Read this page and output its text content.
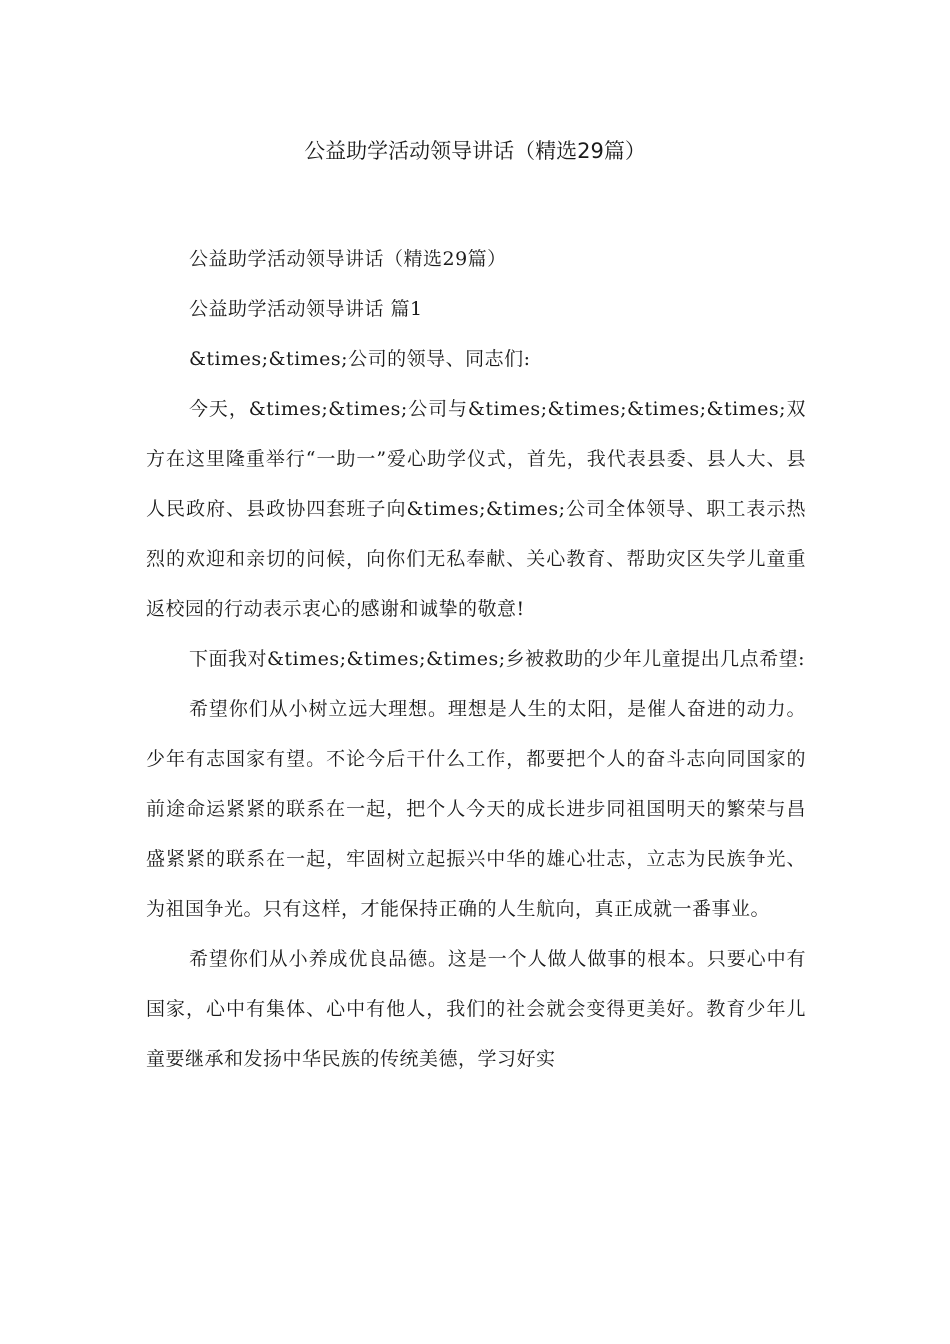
公益助学活动领导讲话（精选29篇）

公益助学活动领导讲话（精选29篇）

公益助学活动领导讲话 篇1

&times;&times;公司的领导、同志们:

今天，&times;&times;公司与&times;&times;&times;&times;双方在这里隆重举行“一助一”爱心助学仪式，首先，我代表县委、县人大、县人民政府、县政协四套班子向&times;&times;公司全体领导、职工表示热烈的欢迎和亲切的问候，向你们无私奉献、关心教育、帮助灾区失学儿童重返校园的行动表示衷心的感谢和诚挚的敬意!

下面我对&times;&times;&times;乡被救助的少年儿童提出几点希望:

希望你们从小树立远大理想。理想是人生的太阳，是催人奋进的动力。少年有志国家有望。不论今后干什么工作，都要把个人的奋斗志向同国家的前途命运紧紧的联系在一起，把个人今天的成长进步同祖国明天的繁荣与昌盛紧紧的联系在一起，牢固树立起振兴中华的雄心壮志，立志为民族争光、为祖国争光。只有这样，才能保持正确的人生航向，真正成就一番事业。

希望你们从小养成优良品德。这是一个人做人做事的根本。只要心中有国家，心中有集体、心中有他人，我们的社会就会变得更美好。教育少年儿童要继承和发扬中华民族的传统美德，学习好实
